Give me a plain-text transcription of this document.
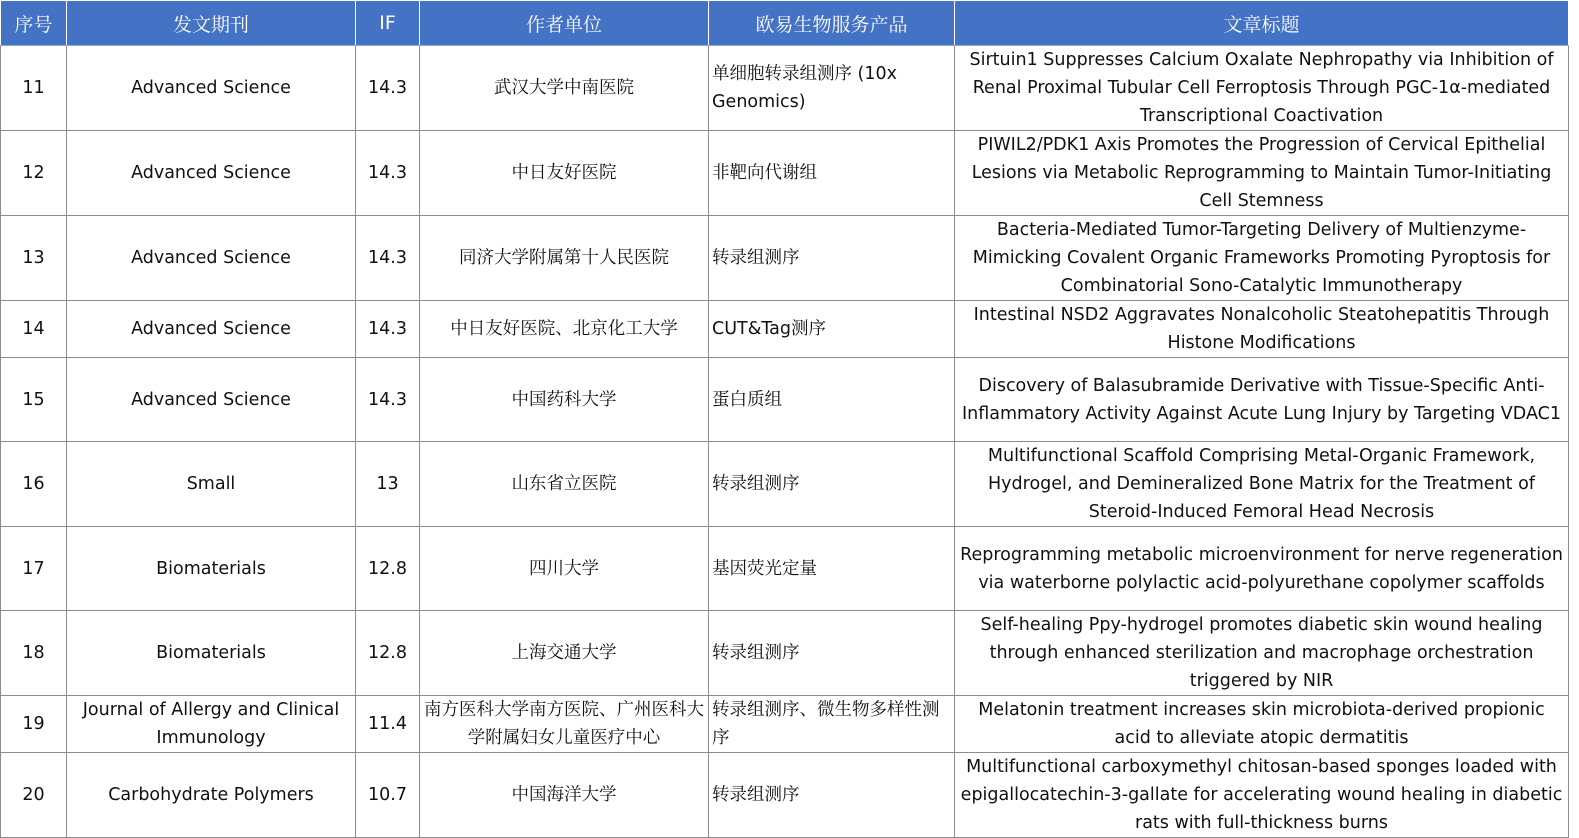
序号	发文期刊	IF	作者单位	欧易生物服务产品	文章标题
11	Advanced Science	14.3	武汉大学中南医院	单细胞转录组测序 (10x Genomics)	Sirtuin1 Suppresses Calcium Oxalate Nephropathy via Inhibition of Renal Proximal Tubular Cell Ferroptosis Through PGC-1α-mediated Transcriptional Coactivation
12	Advanced Science	14.3	中日友好医院	非靶向代谢组	PIWIL2/PDK1 Axis Promotes the Progression of Cervical Epithelial Lesions via Metabolic Reprogramming to Maintain Tumor-Initiating Cell Stemness
13	Advanced Science	14.3	同济大学附属第十人民医院	转录组测序	Bacteria-Mediated Tumor-Targeting Delivery of Multienzyme-Mimicking Covalent Organic Frameworks Promoting Pyroptosis for Combinatorial Sono-Catalytic Immunotherapy
14	Advanced Science	14.3	中日友好医院、北京化工大学	CUT&Tag测序	Intestinal NSD2 Aggravates Nonalcoholic Steatohepatitis Through Histone Modifications
15	Advanced Science	14.3	中国药科大学	蛋白质组	Discovery of Balasubramide Derivative with Tissue-Specific Anti-Inflammatory Activity Against Acute Lung Injury by Targeting VDAC1
16	Small	13	山东省立医院	转录组测序	Multifunctional Scaffold Comprising Metal-Organic Framework, Hydrogel, and Demineralized Bone Matrix for the Treatment of Steroid-Induced Femoral Head Necrosis
17	Biomaterials	12.8	四川大学	基因荧光定量	Reprogramming metabolic microenvironment for nerve regeneration via waterborne polylactic acid-polyurethane copolymer scaffolds
18	Biomaterials	12.8	上海交通大学	转录组测序	Self-healing Ppy-hydrogel promotes diabetic skin wound healing through enhanced sterilization and macrophage orchestration triggered by NIR
19	Journal of Allergy and Clinical Immunology	11.4	南方医科大学南方医院、广州医科大学附属妇女儿童医疗中心	转录组测序、微生物多样性测序	Melatonin treatment increases skin microbiota-derived propionic acid to alleviate atopic dermatitis
20	Carbohydrate Polymers	10.7	中国海洋大学	转录组测序	Multifunctional carboxymethyl chitosan-based sponges loaded with epigallocatechin-3-gallate for accelerating wound healing in diabetic rats with full-thickness burns
